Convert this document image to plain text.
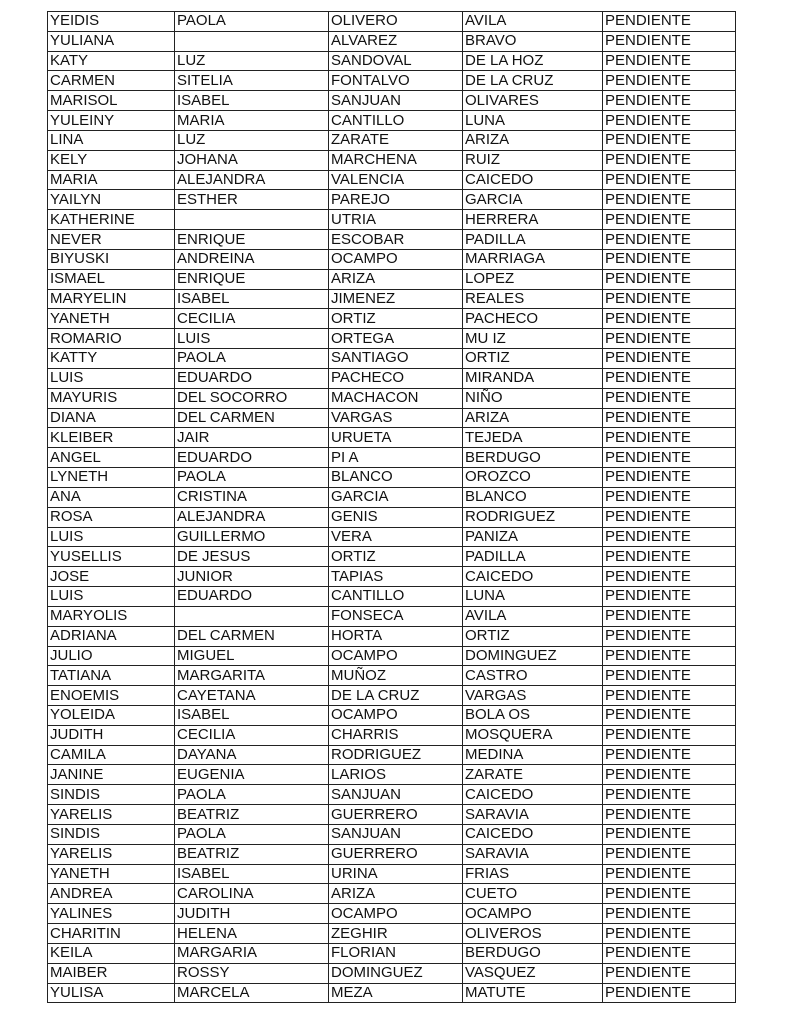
YEIDIS	PAOLA	OLIVERO	AVILA	PENDIENTE
YULIANA		ALVAREZ	BRAVO	PENDIENTE
KATY	LUZ	SANDOVAL	DE LA HOZ	PENDIENTE
CARMEN	SITELIA	FONTALVO	DE LA CRUZ	PENDIENTE
MARISOL	ISABEL	SANJUAN	OLIVARES	PENDIENTE
YULEINY	MARIA	CANTILLO	LUNA	PENDIENTE
LINA	LUZ	ZARATE	ARIZA	PENDIENTE
KELY	JOHANA	MARCHENA	RUIZ	PENDIENTE
MARIA	ALEJANDRA	VALENCIA	CAICEDO	PENDIENTE
YAILYN	ESTHER	PAREJO	GARCIA	PENDIENTE
KATHERINE		UTRIA	HERRERA	PENDIENTE
NEVER	ENRIQUE	ESCOBAR	PADILLA	PENDIENTE
BIYUSKI	ANDREINA	OCAMPO	MARRIAGA	PENDIENTE
ISMAEL	ENRIQUE	ARIZA	LOPEZ	PENDIENTE
MARYELIN	ISABEL	JIMENEZ	REALES	PENDIENTE
YANETH	CECILIA	ORTIZ	PACHECO	PENDIENTE
ROMARIO	LUIS	ORTEGA	MU IZ	PENDIENTE
KATTY	PAOLA	SANTIAGO	ORTIZ	PENDIENTE
LUIS	EDUARDO	PACHECO	MIRANDA	PENDIENTE
MAYURIS	DEL SOCORRO	MACHACON	NIÑO	PENDIENTE
DIANA	DEL CARMEN	VARGAS	ARIZA	PENDIENTE
KLEIBER	JAIR	URUETA	TEJEDA	PENDIENTE
ANGEL	EDUARDO	PI A	BERDUGO	PENDIENTE
LYNETH	PAOLA	BLANCO	OROZCO	PENDIENTE
ANA	CRISTINA	GARCIA	BLANCO	PENDIENTE
ROSA	ALEJANDRA	GENIS	RODRIGUEZ	PENDIENTE
LUIS	GUILLERMO	VERA	PANIZA	PENDIENTE
YUSELLIS	DE JESUS	ORTIZ	PADILLA	PENDIENTE
JOSE	JUNIOR	TAPIAS	CAICEDO	PENDIENTE
LUIS	EDUARDO	CANTILLO	LUNA	PENDIENTE
MARYOLIS		FONSECA	AVILA	PENDIENTE
ADRIANA	DEL CARMEN	HORTA	ORTIZ	PENDIENTE
JULIO	MIGUEL	OCAMPO	DOMINGUEZ	PENDIENTE
TATIANA	MARGARITA	MUÑOZ	CASTRO	PENDIENTE
ENOEMIS	CAYETANA	DE LA CRUZ	VARGAS	PENDIENTE
YOLEIDA	ISABEL	OCAMPO	BOLA OS	PENDIENTE
JUDITH	CECILIA	CHARRIS	MOSQUERA	PENDIENTE
CAMILA	DAYANA	RODRIGUEZ	MEDINA	PENDIENTE
JANINE	EUGENIA	LARIOS	ZARATE	PENDIENTE
SINDIS	PAOLA	SANJUAN	CAICEDO	PENDIENTE
YARELIS	BEATRIZ	GUERRERO	SARAVIA	PENDIENTE
SINDIS	PAOLA	SANJUAN	CAICEDO	PENDIENTE
YARELIS	BEATRIZ	GUERRERO	SARAVIA	PENDIENTE
YANETH	ISABEL	URINA	FRIAS	PENDIENTE
ANDREA	CAROLINA	ARIZA	CUETO	PENDIENTE
YALINES	JUDITH	OCAMPO	OCAMPO	PENDIENTE
CHARITIN	HELENA	ZEGHIR	OLIVEROS	PENDIENTE
KEILA	MARGARIA	FLORIAN	BERDUGO	PENDIENTE
MAIBER	ROSSY	DOMINGUEZ	VASQUEZ	PENDIENTE
YULISA	MARCELA	MEZA	MATUTE	PENDIENTE
